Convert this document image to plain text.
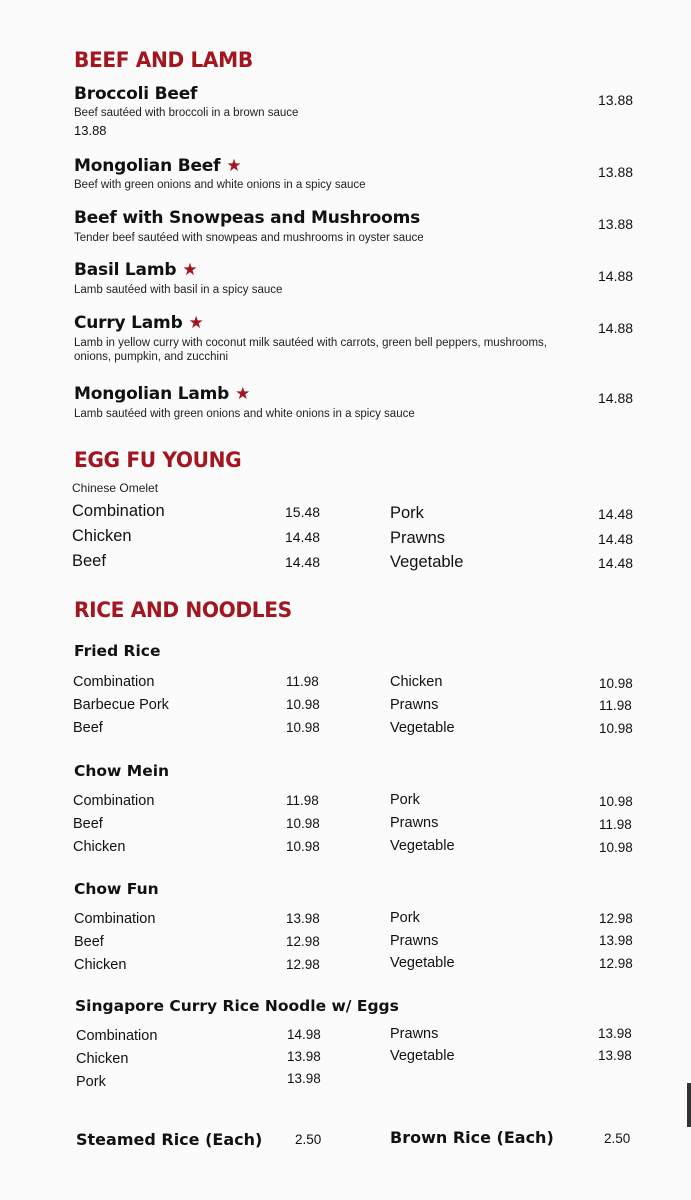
BEEF AND LAMB
Broccoli Beef
Beef sautéed with broccoli in a brown sauce
13.88
13.88
Mongolian Beef ★
Beef with green onions and white onions in a spicy sauce
13.88
Beef with Snowpeas and Mushrooms
Tender beef sautéed with snowpeas and mushrooms in oyster sauce
13.88
Basil Lamb ★
Lamb sautéed with basil in a spicy sauce
14.88
Curry Lamb ★
Lamb in yellow curry with coconut milk sautéed with carrots, green bell peppers, mushrooms, onions, pumpkin, and zucchini
14.88
Mongolian Lamb ★
Lamb sautéed with green onions and white onions in a spicy sauce
14.88
EGG FU YOUNG
Chinese Omelet
Combination	15.48
Chicken	14.48
Beef	14.48
Pork	14.48
Prawns	14.48
Vegetable	14.48
RICE AND NOODLES
Fried Rice
Combination	11.98
Barbecue Pork	10.98
Beef	10.98
Chicken	10.98
Prawns	11.98
Vegetable	10.98
Chow Mein
Combination	11.98
Beef	10.98
Chicken	10.98
Pork	10.98
Prawns	11.98
Vegetable	10.98
Chow Fun
Combination	13.98
Beef	12.98
Chicken	12.98
Pork	12.98
Prawns	13.98
Vegetable	12.98
Singapore Curry Rice Noodle w/ Eggs
Combination	14.98
Chicken	13.98
Pork	13.98
Prawns	13.98
Vegetable	13.98
Steamed Rice (Each) 2.50	Brown Rice (Each)	2.50
